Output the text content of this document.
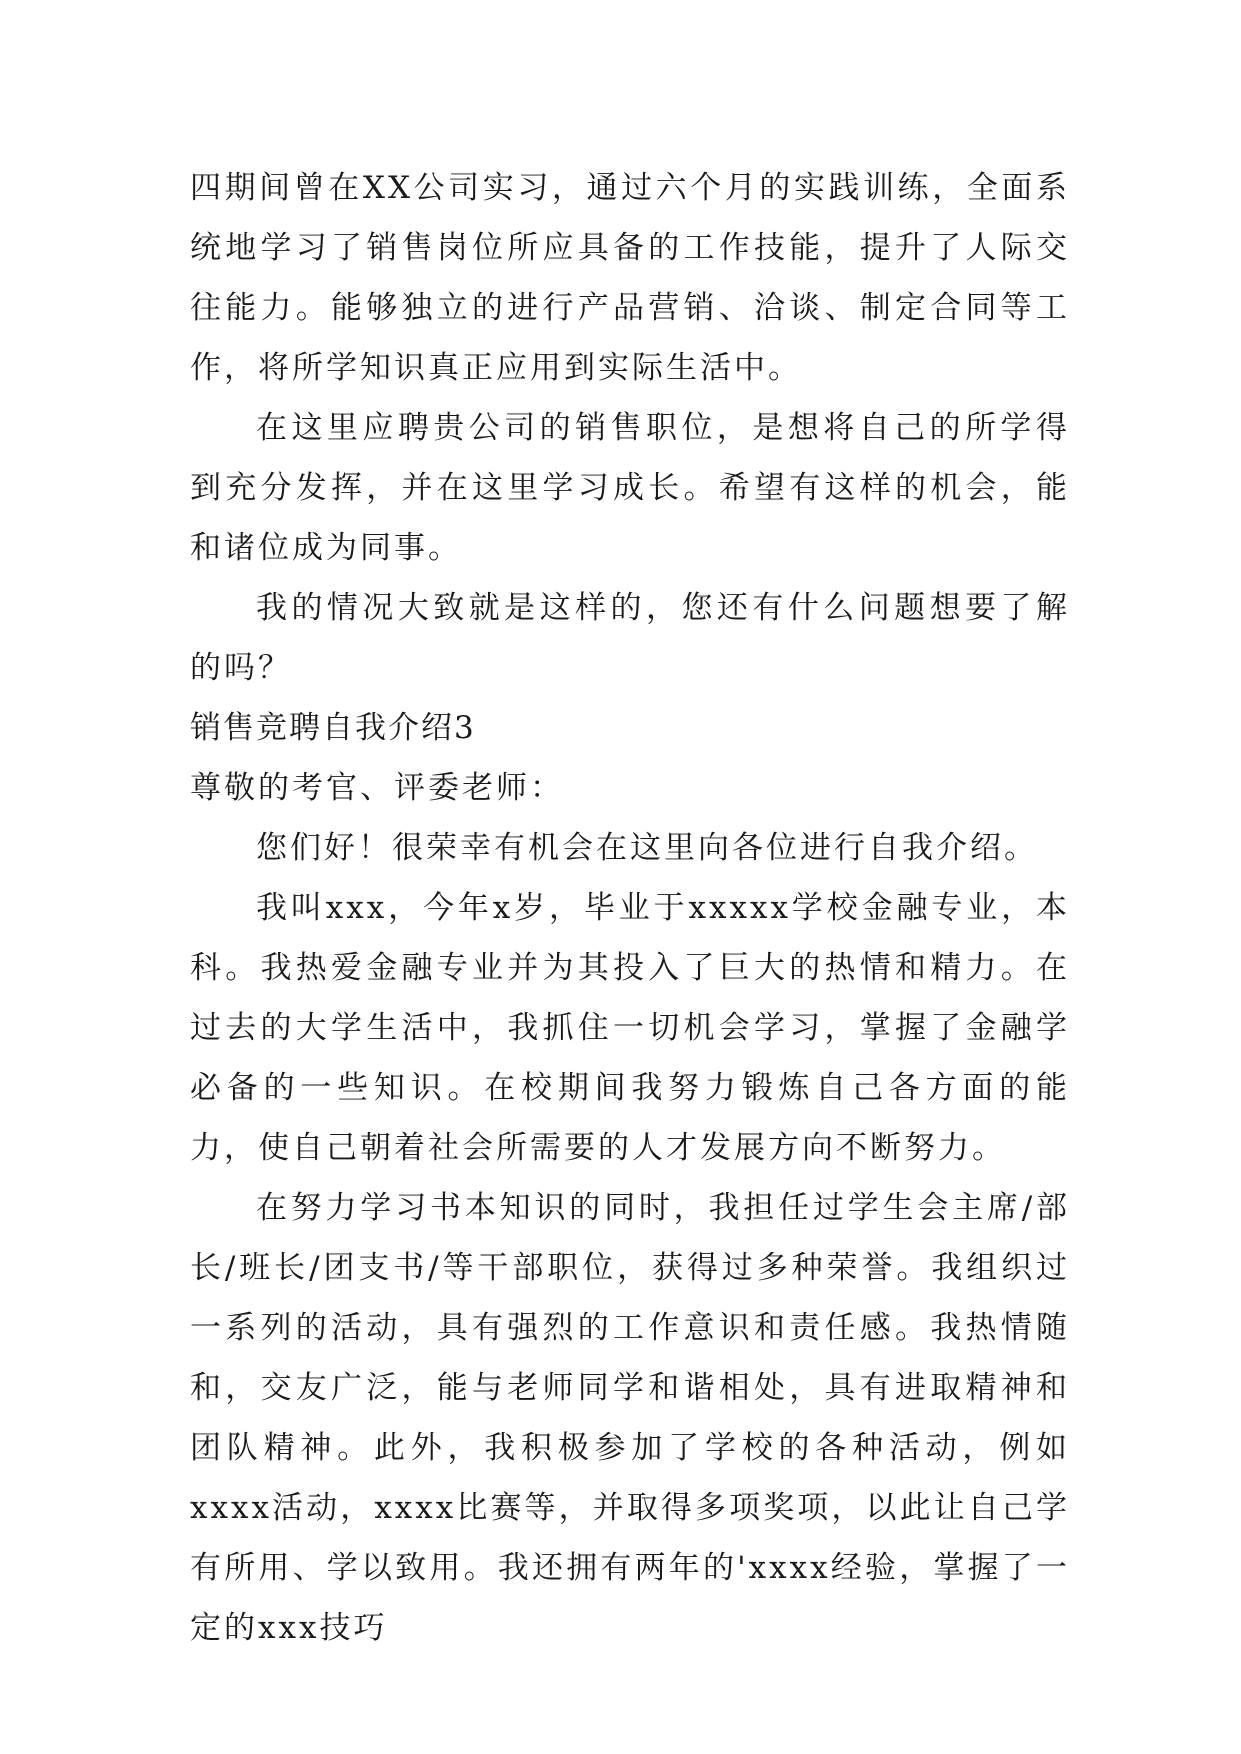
四期间曾在XX公司实习，通过六个月的实践训练，全面系统地学习了销售岗位所应具备的工作技能，提升了人际交往能力。能够独立的进行产品营销、洽谈、制定合同等工作，将所学知识真正应用到实际生活中。

在这里应聘贵公司的销售职位，是想将自己的所学得到充分发挥，并在这里学习成长。希望有这样的机会，能和诸位成为同事。

我的情况大致就是这样的，您还有什么问题想要了解的吗？

销售竞聘自我介绍3

尊敬的考官、评委老师：

您们好！很荣幸有机会在这里向各位进行自我介绍。

我叫xxx，今年x岁，毕业于xxxxx学校金融专业，本科。我热爱金融专业并为其投入了巨大的热情和精力。在过去的大学生活中，我抓住一切机会学习，掌握了金融学必备的一些知识。在校期间我努力锻炼自己各方面的能力，使自己朝着社会所需要的人才发展方向不断努力。

在努力学习书本知识的同时，我担任过学生会主席/部长/班长/团支书/等干部职位，获得过多种荣誉。我组织过一系列的活动，具有强烈的工作意识和责任感。我热情随和，交友广泛，能与老师同学和谐相处，具有进取精神和团队精神。此外，我积极参加了学校的各种活动，例如xxxx活动，xxxx比赛等，并取得多项奖项，以此让自己学有所用、学以致用。我还拥有两年的'xxxx经验，掌握了一定的xxx技巧
